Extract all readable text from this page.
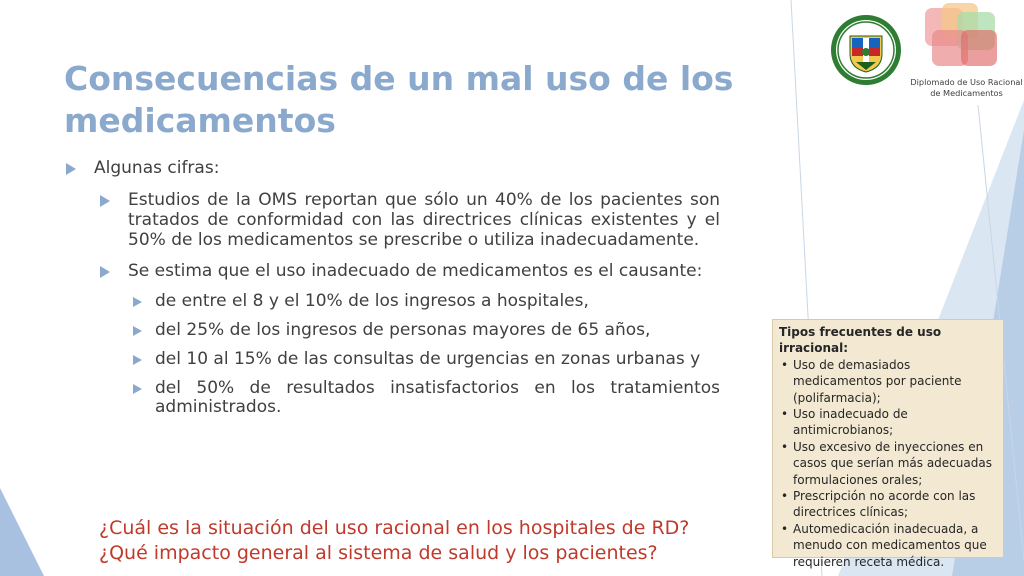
Diplomado de Uso Racional de Medicamentos
Consecuencias de un mal uso de los medicamentos
Algunas cifras:
Estudios de la OMS reportan que sólo un 40% de los pacientes son tratados de conformidad con las directrices clínicas existentes y el 50% de los medicamentos se prescribe o utiliza inadecuadamente.
Se estima que el uso inadecuado de medicamentos es el causante:
de entre el 8 y el 10% de los ingresos a hospitales,
del 25% de los ingresos de personas mayores de 65 años,
del 10 al 15% de las consultas de urgencias en zonas urbanas y
del 50% de resultados insatisfactorios en los tratamientos administrados.
¿Cuál es la situación del uso racional en los hospitales de RD?
¿Qué impacto general al sistema de salud y los pacientes?

Tipos frecuentes de uso irracional:

• Uso de demasiados medicamentos por paciente (polifarmacia);
• Uso inadecuado de antimicrobianos;
• Uso excesivo de inyecciones en casos que serían más adecuadas formulaciones orales;
• Prescripción no acorde con las directrices clínicas;
• Automedicación inadecuada, a menudo con medicamentos que requieren receta médica.
